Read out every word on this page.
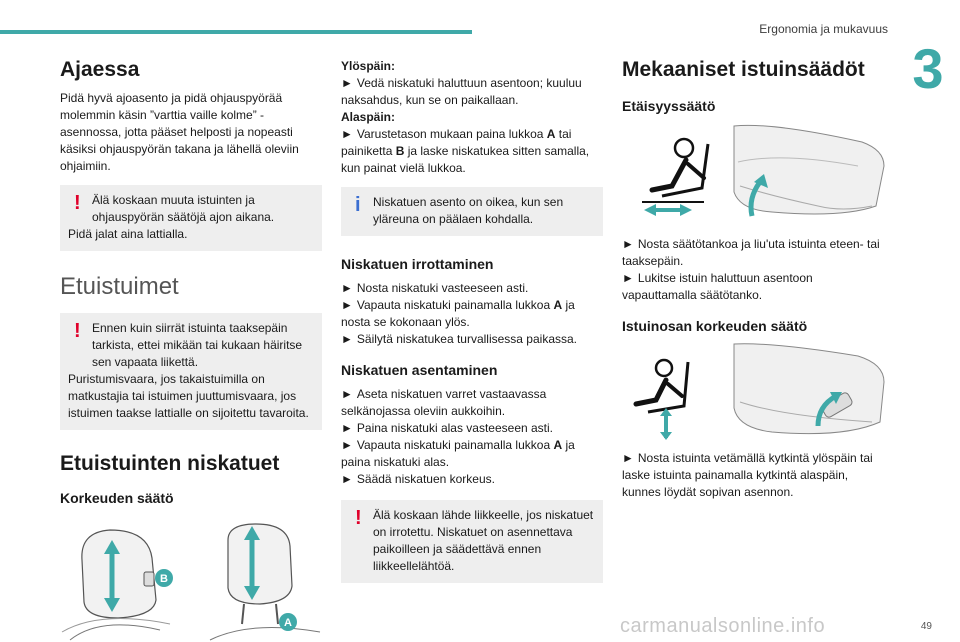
Ergonomia ja mukavuus
3
Ajaessa

Pidä hyvä ajoasento ja pidä ohjauspyörää molemmin käsin ”varttia vaille kolme” -asennossa, jotta pääset helposti ja nopeasti käsiksi ohjauspyörän takana ja lähellä oleviin ohjaimiin.

! Älä koskaan muuta istuinten ja ohjauspyörän säätöjä ajon aikana.

Pidä jalat aina lattialla.

Etuistuimet
! Ennen kuin siirrät istuinta taaksepäin tarkista, ettei mikään tai kukaan häiritse sen vapaata liikettä.

Puristumisvaara, jos takaistuimilla on matkustajia tai istuimen juuttumisvaara, jos istuimen taakse lattialle on sijoitettu tavaroita.

Etuistuinten niskatuet
Korkeuden säätö
B
A

Ylöspäin:

► Vedä niskatuki haluttuun asentoon; kuuluu naksahdus, kun se on paikallaan.

Alaspäin:

► Varustetason mukaan paina lukkoa A tai painiketta B ja laske niskatukea sitten samalla, kun painat vielä lukkoa.

i	Niskatuen asento on oikea, kun sen yläreuna on päälaen kohdalla.

Niskatuen irrottaminen

► Nosta niskatuki vasteeseen asti.

► Vapauta niskatuki painamalla lukkoa A ja nosta se kokonaan ylös.

► Säilytä niskatukea turvallisessa paikassa.

Niskatuen asentaminen

► Aseta niskatuen varret vastaavassa selkänojassa oleviin aukkoihin.

► Paina niskatuki alas vasteeseen asti.

► Vapauta niskatuki painamalla lukkoa A ja paina niskatuki alas.

► Säädä niskatuen korkeus.

! Älä koskaan lähde liikkeelle, jos niskatuet on irrotettu. Niskatuet on asennettava paikoilleen ja säädettävä ennen liikkeellelähtöä.

Mekaaniset istuinsäädöt
Etäisyyssäätö

► Nosta säätötankoa ja liu'uta istuinta eteen- tai taaksepäin.

► Lukitse istuin haluttuun asentoon vapauttamalla säätötanko.

Istuinosan korkeuden säätö

► Nosta istuinta vetämällä kytkintä ylöspäin tai laske istuinta painamalla kytkintä alaspäin, kunnes löydät sopivan asennon.

carmanualsonline.info	49
